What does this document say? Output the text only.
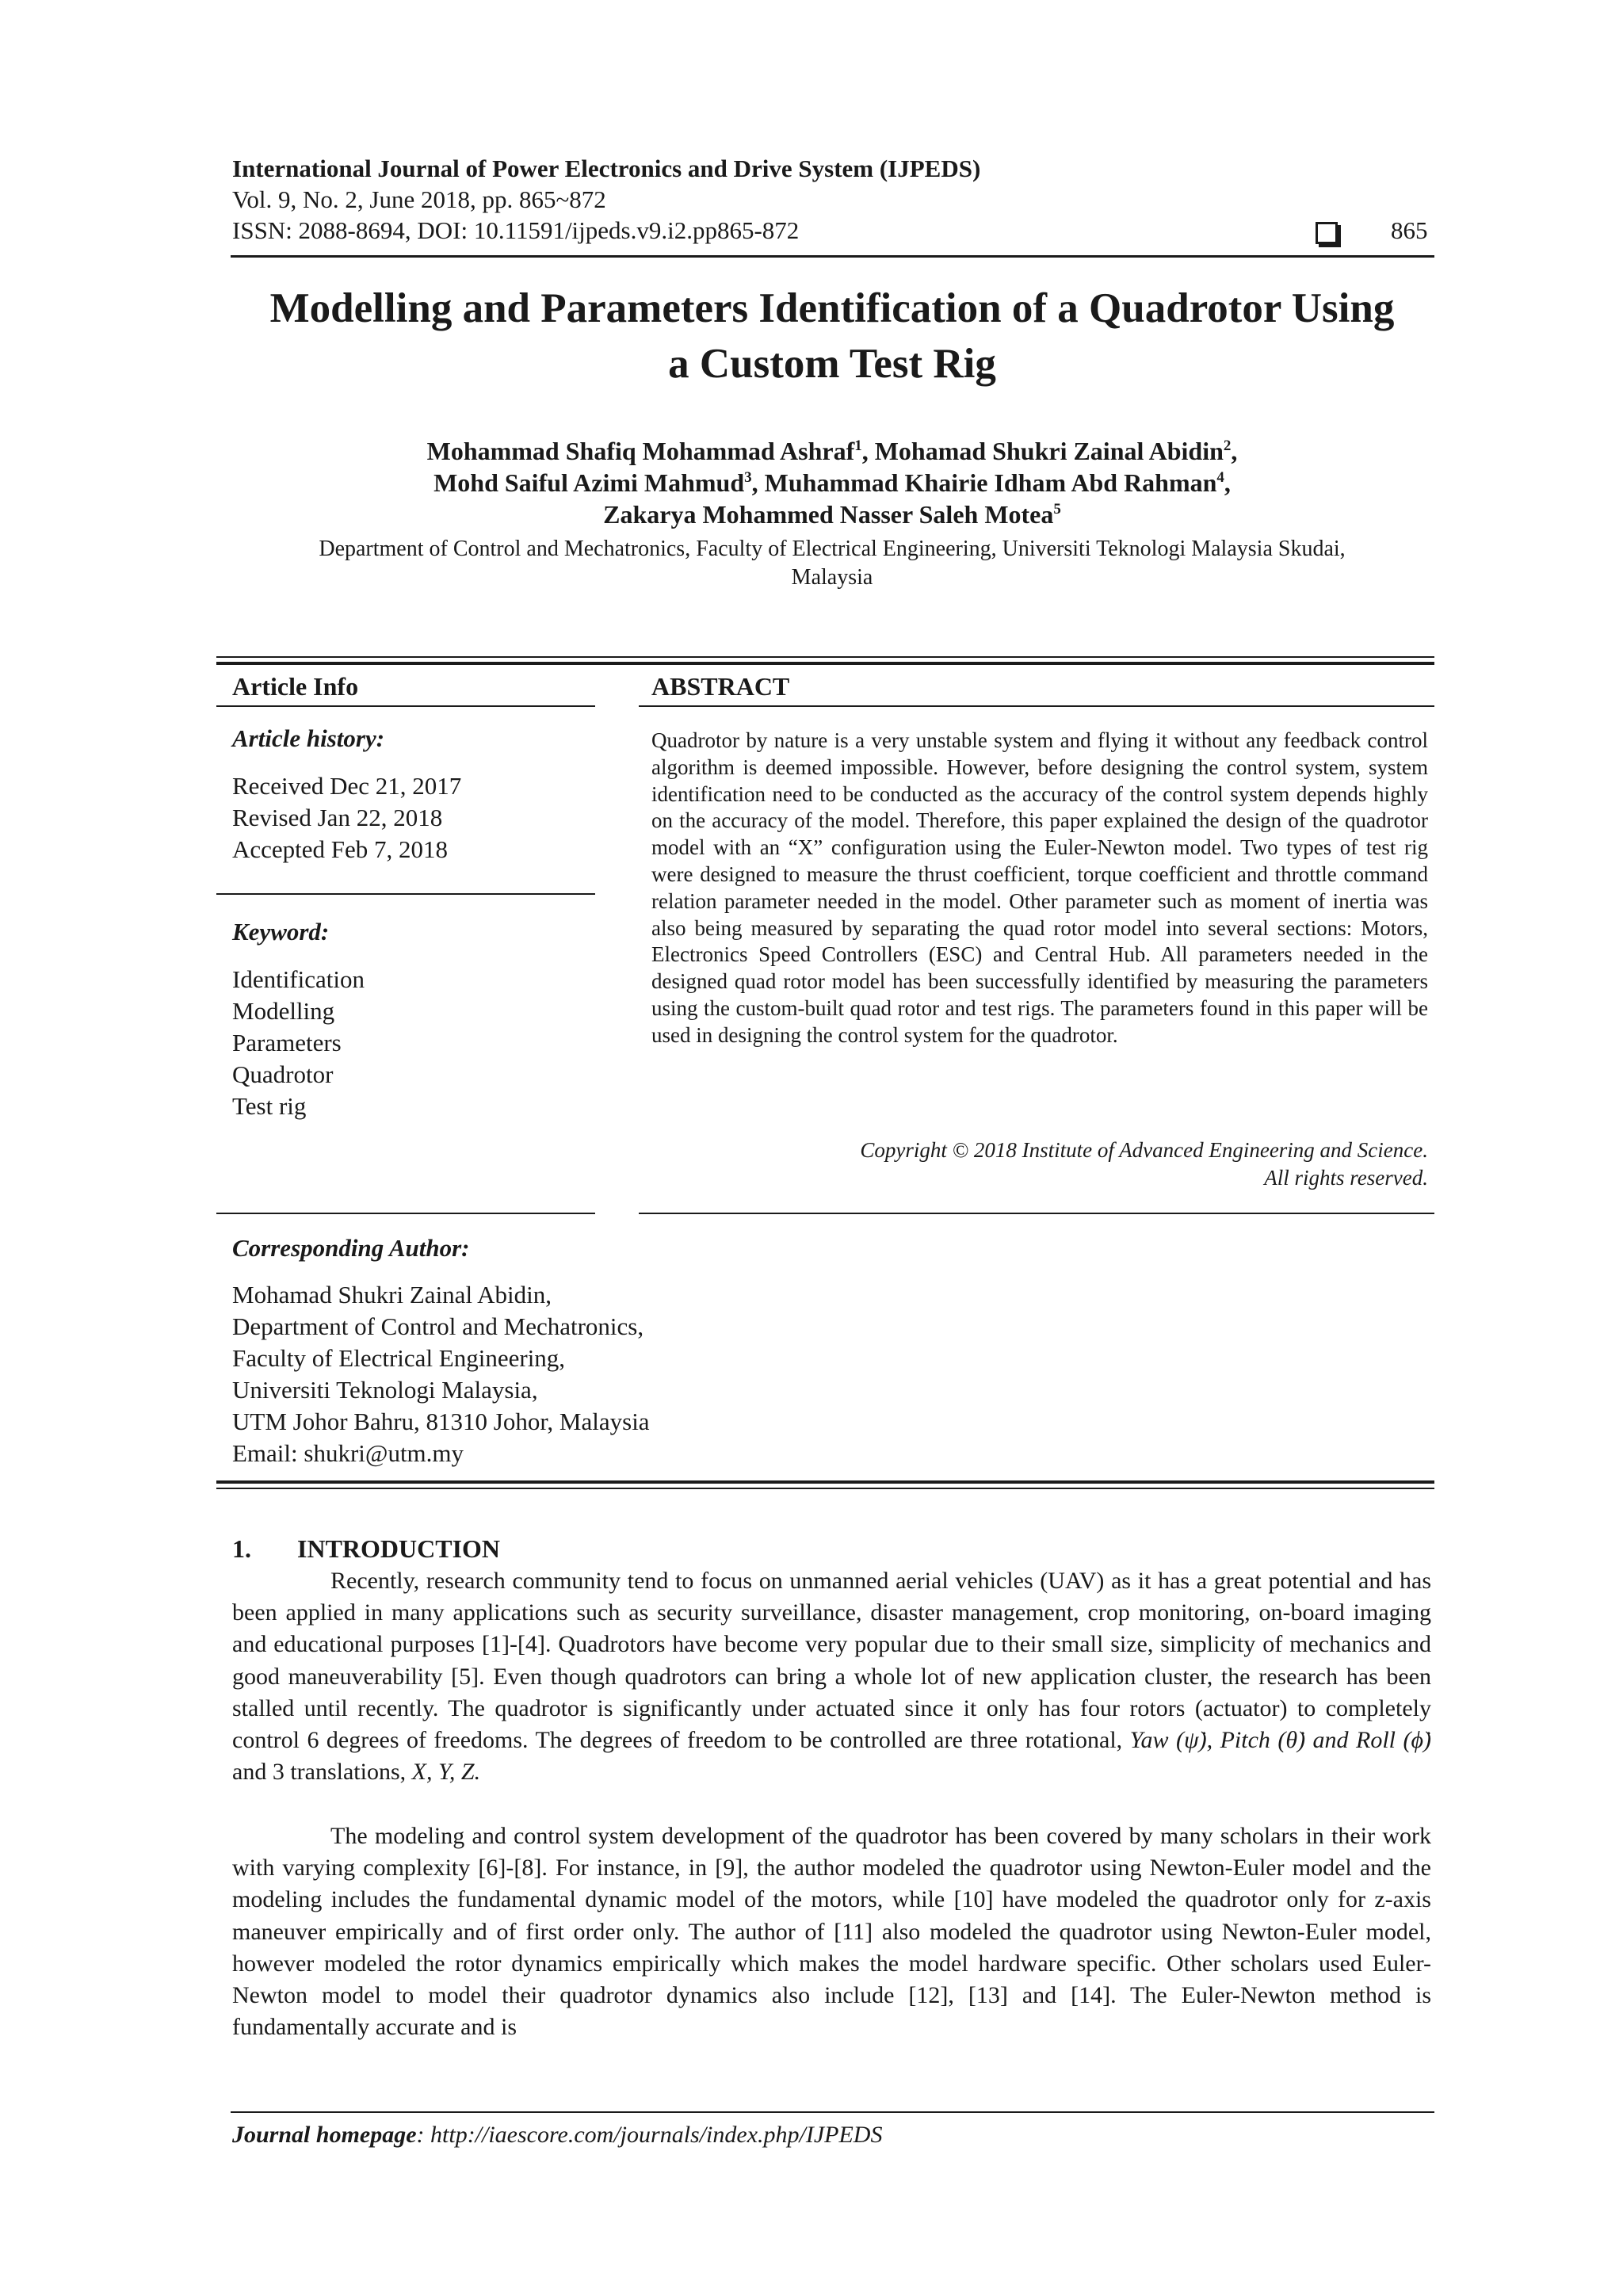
International Journal of Power Electronics and Drive System (IJPEDS)
Vol. 9, No. 2, June 2018, pp. 865~872
ISSN: 2088-8694, DOI: 10.11591/ijpeds.v9.i2.pp865-872	865
Modelling and Parameters Identification of a Quadrotor Using
a Custom Test Rig
Mohammad Shafiq Mohammad Ashraf$^1$, Mohamad Shukri Zainal Abidin$^2$,
Mohd Saiful Azimi Mahmud$^3$, Muhammad Khairie Idham Abd Rahman$^4$,
Zakarya Mohammed Nasser Saleh Motea$^5$
Department of Control and Mechatronics, Faculty of Electrical Engineering, Universiti Teknologi Malaysia Skudai,
Malaysia
Article Info
Article history:
Received Dec 21, 2017
Revised Jan 22, 2018
Accepted Feb 7, 2018
Keyword:
Identification
Modelling
Parameters
Quadrotor
Test rig
ABSTRACT
Quadrotor by nature is a very unstable system and flying it without any feedback control algorithm is deemed impossible. However, before designing the control system, system identification need to be conducted as the accuracy of the control system depends highly on the accuracy of the model. Therefore, this paper explained the design of the quadrotor model with an “X” configuration using the Euler-Newton model. Two types of test rig were designed to measure the thrust coefficient, torque coefficient and throttle command relation parameter needed in the model. Other parameter such as moment of inertia was also being measured by separating the quad rotor model into several sections: Motors, Electronics Speed Controllers (ESC) and Central Hub. All parameters needed in the designed quad rotor model has been successfully identified by measuring the parameters using the custom-built quad rotor and test rigs. The parameters found in this paper will be used in designing the control system for the quadrotor.
Copyright © 2018 Institute of Advanced Engineering and Science.
All rights reserved.
Corresponding Author:
Mohamad Shukri Zainal Abidin,
Department of Control and Mechatronics,
Faculty of Electrical Engineering,
Universiti Teknologi Malaysia,
UTM Johor Bahru, 81310 Johor, Malaysia
Email: shukri@utm.my
1. INTRODUCTION
Recently, research community tend to focus on unmanned aerial vehicles (UAV) as it has a great potential and has been applied in many applications such as security surveillance, disaster management, crop monitoring, on-board imaging and educational purposes [1]-[4]. Quadrotors have become very popular due to their small size, simplicity of mechanics and good maneuverability [5]. Even though quadrotors can bring a whole lot of new application cluster, the research has been stalled until recently. The quadrotor is significantly under actuated since it only has four rotors (actuator) to completely control 6 degrees of freedoms. The degrees of freedom to be controlled are three rotational, Yaw (ψ̇), Pitch (θ̇) and Roll (ϕ̇) and 3 translations, X, Y, Z.
The modeling and control system development of the quadrotor has been covered by many scholars in their work with varying complexity [6]-[8]. For instance, in [9], the author modeled the quadrotor using Newton-Euler model and the modeling includes the fundamental dynamic model of the motors, while [10] have modeled the quadrotor only for z-axis maneuver empirically and of first order only. The author of [11] also modeled the quadrotor using Newton-Euler model, however modeled the rotor dynamics empirically which makes the model hardware specific. Other scholars used Euler-Newton model to model their quadrotor dynamics also include [12], [13] and [14]. The Euler-Newton method is fundamentally accurate and is
Journal homepage: http://iaescore.com/journals/index.php/IJPEDS
